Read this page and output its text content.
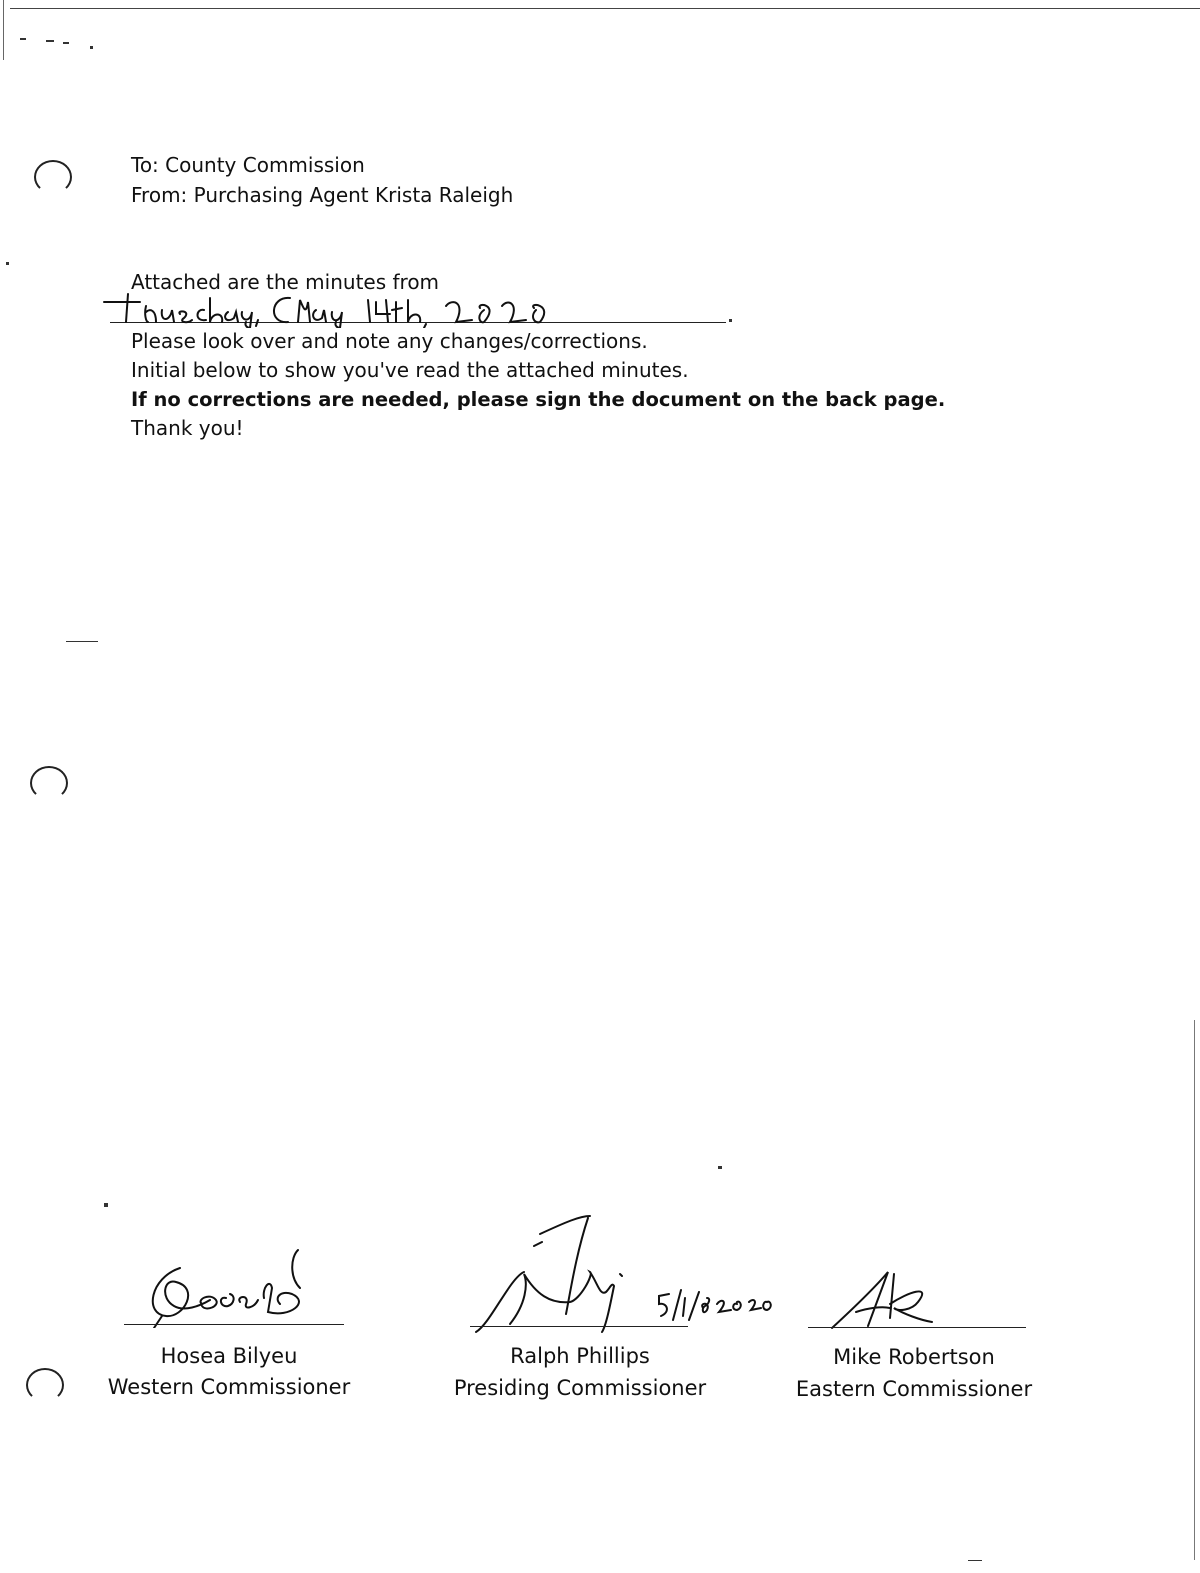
To: County Commission
From: Purchasing Agent Krista Raleigh
Attached are the minutes from
Please look over and note any changes/corrections.
Initial below to show you've read the attached minutes.
If no corrections are needed, please sign the document on the back page.
Thank you!
Hosea Bilyeu
Western Commissioner
Ralph Phillips
Presiding Commissioner
Mike Robertson
Eastern Commissioner
